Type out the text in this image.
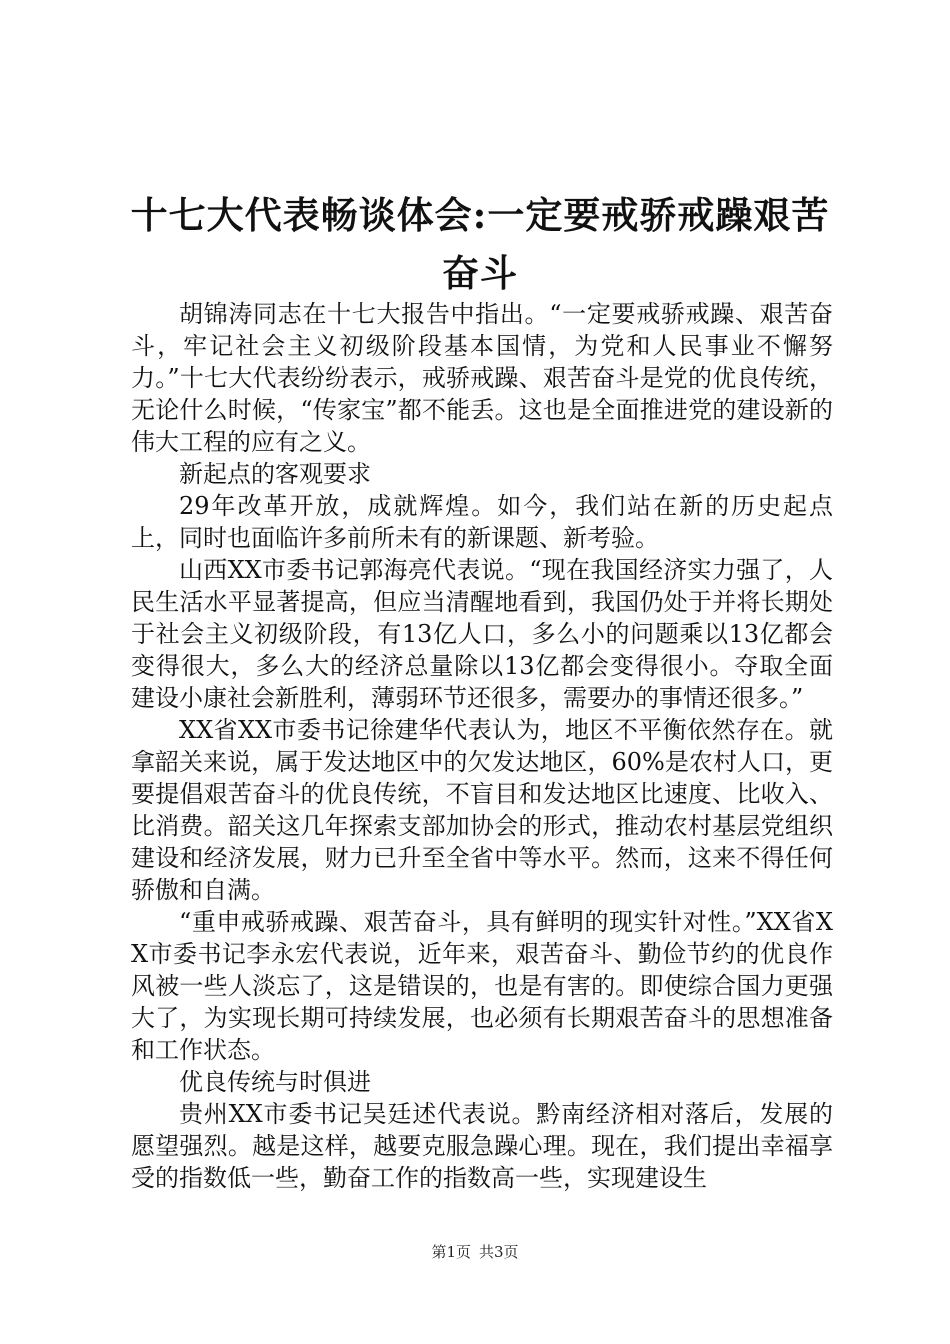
十七大代表畅谈体会:一定要戒骄戒躁艰苦奋斗

胡锦涛同志在十七大报告中指出。“一定要戒骄戒躁、艰苦奋斗，牢记社会主义初级阶段基本国情，为党和人民事业不懈努力。”十七大代表纷纷表示，戒骄戒躁、艰苦奋斗是党的优良传统，无论什么时候，“传家宝”都不能丢。这也是全面推进党的建设新的伟大工程的应有之义。

新起点的客观要求

29年改革开放，成就辉煌。如今，我们站在新的历史起点上，同时也面临许多前所未有的新课题、新考验。

山西XX市委书记郭海亮代表说。“现在我国经济实力强了，人民生活水平显著提高，但应当清醒地看到，我国仍处于并将长期处于社会主义初级阶段，有13亿人口，多么小的问题乘以13亿都会变得很大，多么大的经济总量除以13亿都会变得很小。夺取全面建设小康社会新胜利，薄弱环节还很多，需要办的事情还很多。”

XX省XX市委书记徐建华代表认为，地区不平衡依然存在。就拿韶关来说，属于发达地区中的欠发达地区，60%是农村人口，更要提倡艰苦奋斗的优良传统，不盲目和发达地区比速度、比收入、比消费。韶关这几年探索支部加协会的形式，推动农村基层党组织建设和经济发展，财力已升至全省中等水平。然而，这来不得任何骄傲和自满。

“重申戒骄戒躁、艰苦奋斗，具有鲜明的现实针对性。”XX省XX市委书记李永宏代表说，近年来，艰苦奋斗、勤俭节约的优良作风被一些人淡忘了，这是错误的，也是有害的。即使综合国力更强大了，为实现长期可持续发展，也必须有长期艰苦奋斗的思想准备和工作状态。

优良传统与时俱进

贵州XX市委书记吴廷述代表说。黔南经济相对落后，发展的愿望强烈。越是这样，越要克服急躁心理。现在，我们提出幸福享受的指数低一些，勤奋工作的指数高一些，实现建设生

第1页 共3页
